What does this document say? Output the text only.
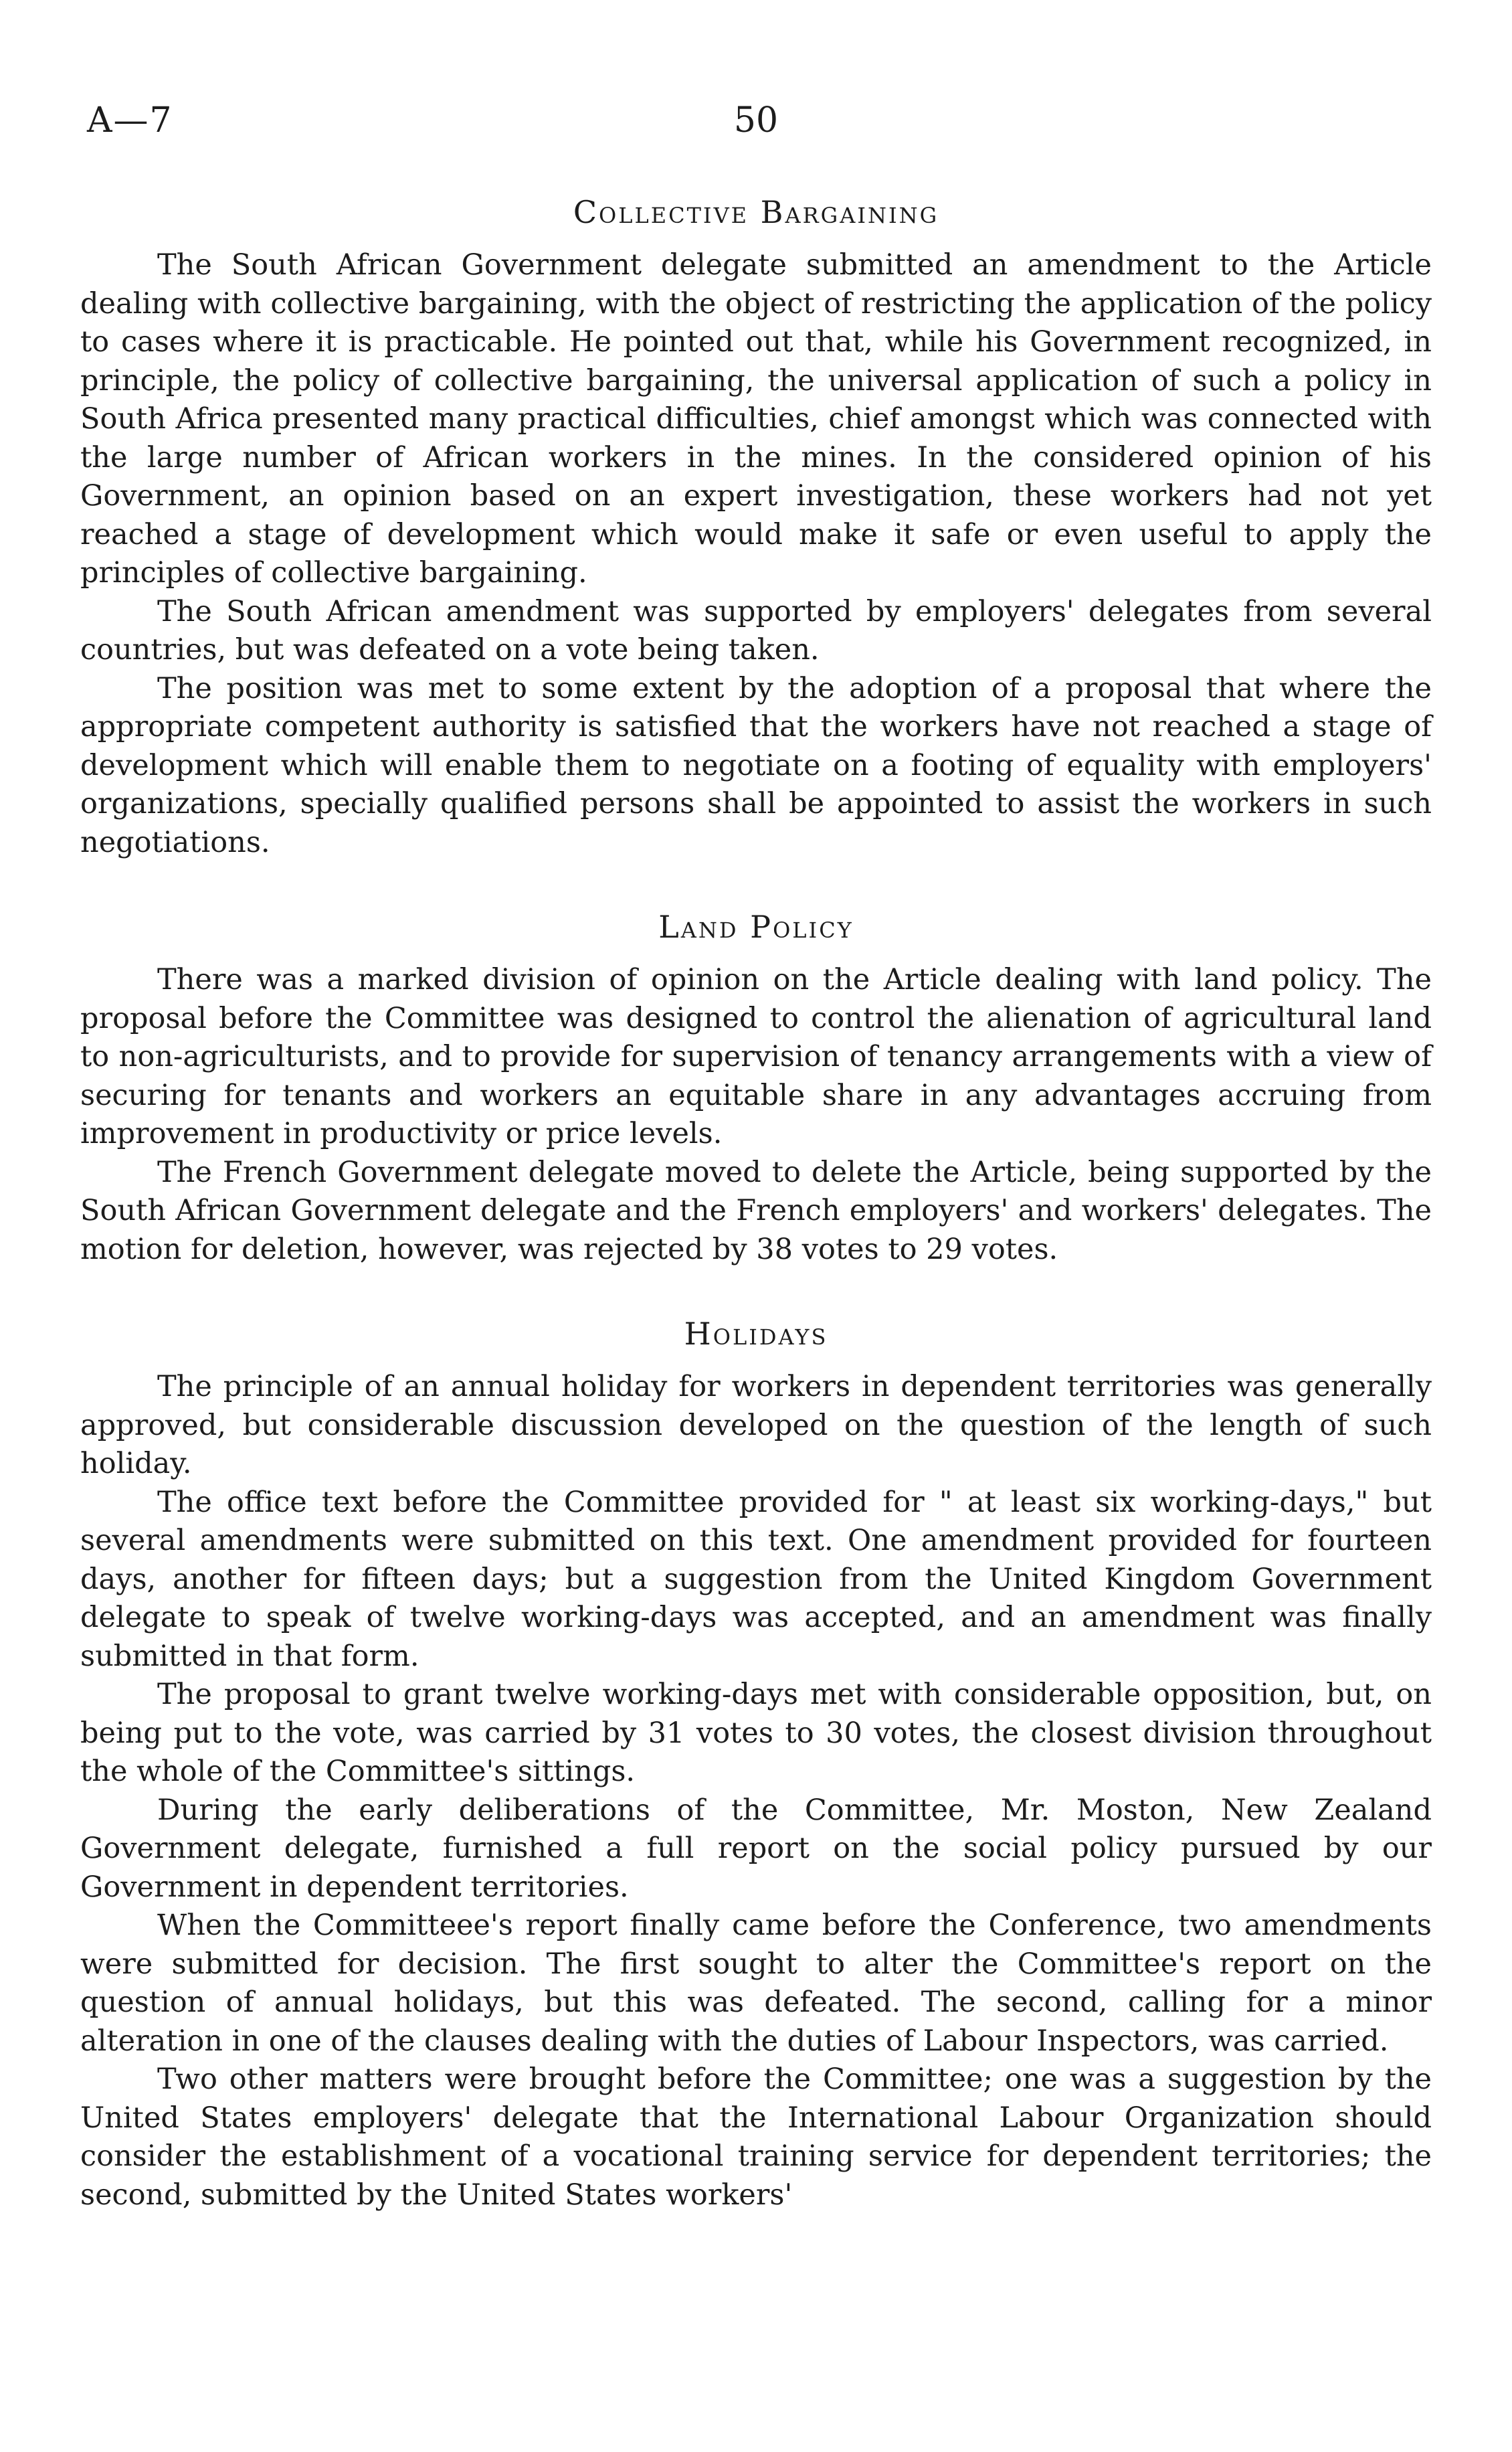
A—7	50
Collective Bargaining

The South African Government delegate submitted an amendment to the Article dealing with collective bargaining, with the object of restricting the application of the policy to cases where it is practicable. He pointed out that, while his Government recognized, in principle, the policy of collective bargaining, the universal application of such a policy in South Africa presented many practical difficulties, chief amongst which was connected with the large number of African workers in the mines. In the considered opinion of his Government, an opinion based on an expert investigation, these workers had not yet reached a stage of development which would make it safe or even useful to apply the principles of collective bargaining.

The South African amendment was supported by employers' delegates from several countries, but was defeated on a vote being taken.

The position was met to some extent by the adoption of a proposal that where the appropriate competent authority is satisfied that the workers have not reached a stage of development which will enable them to negotiate on a footing of equality with employers' organizations, specially qualified persons shall be appointed to assist the workers in such negotiations.

Land Policy

There was a marked division of opinion on the Article dealing with land policy. The proposal before the Committee was designed to control the alienation of agricultural land to non-agriculturists, and to provide for supervision of tenancy arrangements with a view of securing for tenants and workers an equitable share in any advantages accruing from improvement in productivity or price levels.

The French Government delegate moved to delete the Article, being supported by the South African Government delegate and the French employers' and workers' delegates. The motion for deletion, however, was rejected by 38 votes to 29 votes.

Holidays

The principle of an annual holiday for workers in dependent territories was generally approved, but considerable discussion developed on the question of the length of such holiday.

The office text before the Committee provided for " at least six working-days," but several amendments were submitted on this text. One amendment provided for fourteen days, another for fifteen days; but a suggestion from the United Kingdom Government delegate to speak of twelve working-days was accepted, and an amendment was finally submitted in that form.

The proposal to grant twelve working-days met with considerable opposition, but, on being put to the vote, was carried by 31 votes to 30 votes, the closest division throughout the whole of the Committee's sittings.

During the early deliberations of the Committee, Mr. Moston, New Zealand Government delegate, furnished a full report on the social policy pursued by our Government in dependent territories.

When the Committeee's report finally came before the Conference, two amendments were submitted for decision. The first sought to alter the Committee's report on the question of annual holidays, but this was defeated. The second, calling for a minor alteration in one of the clauses dealing with the duties of Labour Inspectors, was carried.

Two other matters were brought before the Committee; one was a suggestion by the United States employers' delegate that the International Labour Organization should consider the establishment of a vocational training service for dependent territories; the second, submitted by the United States workers'
